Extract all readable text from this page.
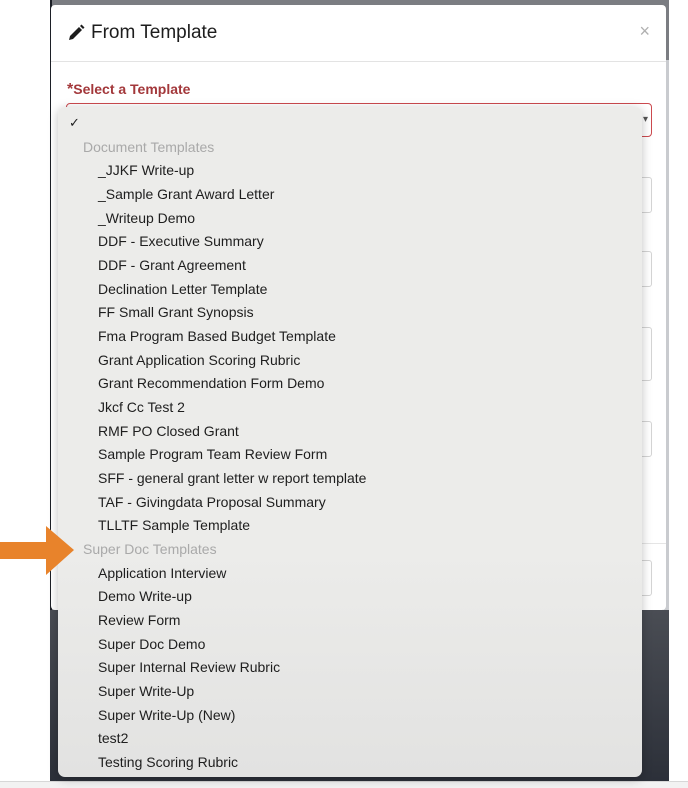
From Template	×
*Select a Template
▾
✓
Document Templates
_JJKF Write-up
_Sample Grant Award Letter
_Writeup Demo
DDF - Executive Summary
DDF - Grant Agreement
Declination Letter Template
FF Small Grant Synopsis
Fma Program Based Budget Template
Grant Application Scoring Rubric
Grant Recommendation Form Demo
Jkcf Cc Test 2
RMF PO Closed Grant
Sample Program Team Review Form
SFF - general grant letter w report template
TAF - Givingdata Proposal Summary
TLLTF Sample Template
Super Doc Templates
Application Interview
Demo Write-up
Review Form
Super Doc Demo
Super Internal Review Rubric
Super Write-Up
Super Write-Up (New)
test2
Testing Scoring Rubric
